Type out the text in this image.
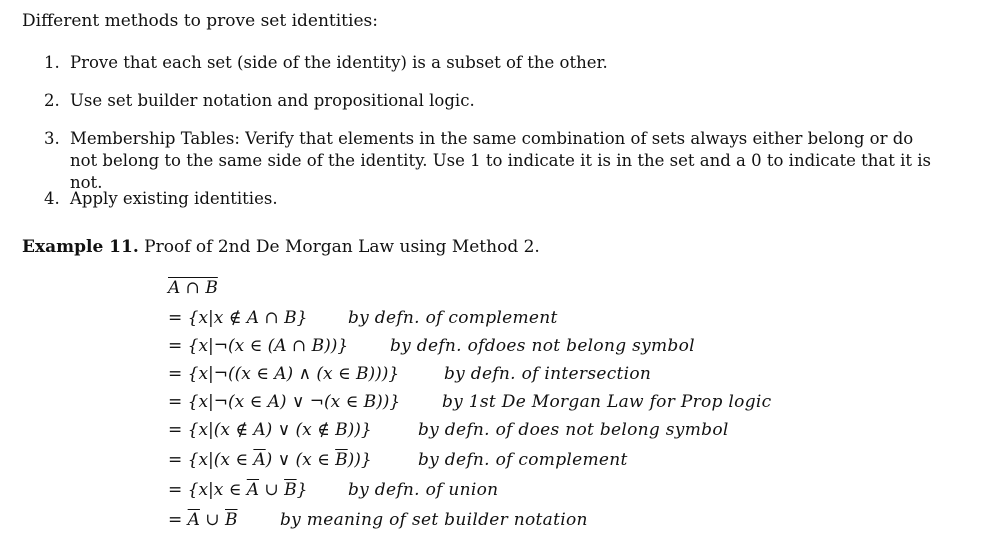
Different methods to prove set identities:
1. Prove that each set (side of the identity) is a subset of the other.
2. Use set builder notation and propositional logic.
3. Membership Tables: Verify that elements in the same combination of sets always either belong or do not belong to the same side of the identity. Use 1 to indicate it is in the set and a 0 to indicate that it is not.
4. Apply existing identities.
Example 11. Proof of 2nd De Morgan Law using Method 2.
A ∩ B
= {x|x ∉ A ∩ B} by defn. of complement
= {x|¬(x ∈ (A ∩ B))} by defn. ofdoes not belong symbol
= {x|¬((x ∈ A) ∧ (x ∈ B)))}	by defn. of intersection
= {x|¬(x ∈ A) ∨ ¬(x ∈ B))} by 1st De Morgan Law for Prop logic
= {x|(x ∉ A) ∨ (x ∉ B))}	by defn. of does not belong symbol
= {x|(x ∈ $\overline{A}$) ∨ (x ∈ $\overline{B}$))}	by defn. of complement
= {x|x ∈ $\overline{A}$ ∪ $\overline{B}$} by defn. of union
= $\overline{A}$ ∪ $\overline{B}$	by meaning of set builder notation
